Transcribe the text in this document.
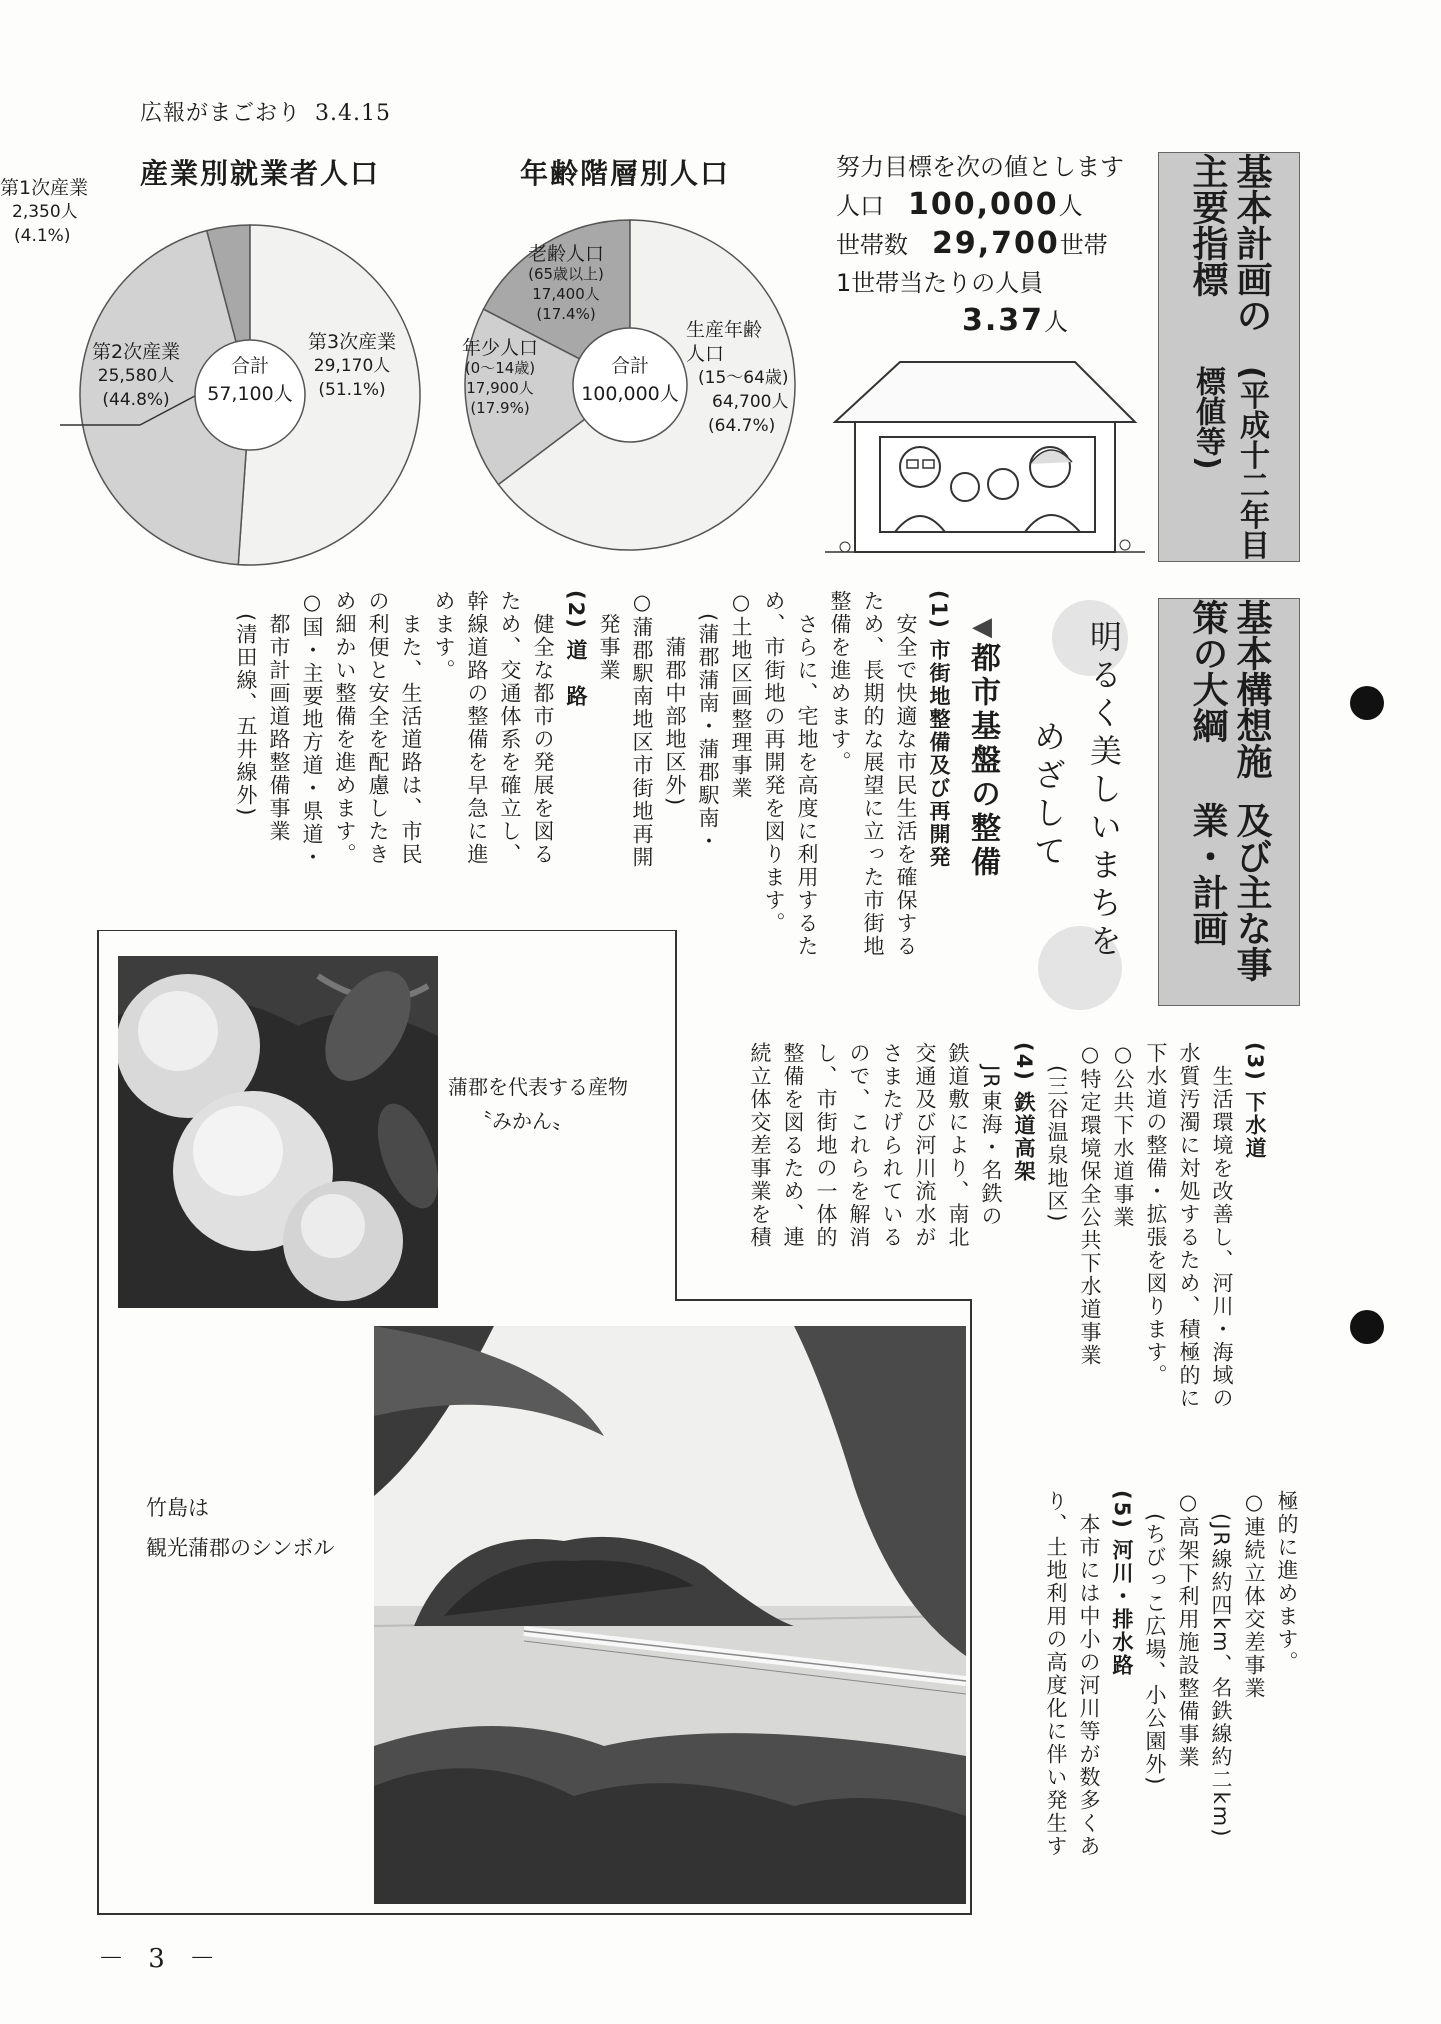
広報がまごおり 3.4.15
産業別就業者人口	年齢階層別人口
第1次産業
2,350人
(4.1%)
第2次産業
25,580人
(44.8%)
第3次産業
29,170人
(51.1%)
合計
57,100人
老齢人口
(65歳以上)
17,400人
(17.4%)
年少人口
(0～14歳)
17,900人
(17.9%)
生産年齢
人口
(15～64歳)
64,700人
(64.7%)
合計
100,000人
努力目標を次の値とします
人口　 100,000人
世帯数　 29,700世帯
1世帯当たりの人員
3.37人	基本計画の主要指標
(平成十二年目標値等)
基本構想施策の大綱
及び主な事業・計画
明るく美しいまちを めざして
◀都市基盤の整備

(1) 市街地整備及び再開発

　安全で快適な市民生活を確保する

ため、長期的な展望に立った市街地

整備を進めます。

　さらに、宅地を高度に利用するた

め、市街地の再開発を図ります。

○土地区画整理事業

　(蒲郡蒲南・蒲郡駅南・

　　蒲郡中部地区外)

○蒲郡駅南地区市街地再開

　発事業

(2) 道　路

　健全な都市の発展を図る

ため、交通体系を確立し、

幹線道路の整備を早急に進

めます。

　また、生活道路は、市民

の利便と安全を配慮したき

め細かい整備を進めます。

○国・主要地方道・県道・

　都市計画道路整備事業

　(清田線、五井線外)

(3) 下水道

　生活環境を改善し、河川・海域の

水質汚濁に対処するため、積極的に

下水道の整備・拡張を図ります。

○公共下水道事業

○特定環境保全公共下水道事業

　(三谷温泉地区)

(4) 鉄道高架

　JR東海・名鉄の

鉄道敷により、南北

交通及び河川流水が

さまたげられている

ので、これらを解消

し、市街地の一体的

整備を図るため、連

続立体交差事業を積

極的に進めます。

○連続立体交差事業

　(JR線約四km、名鉄線約二km)

○高架下利用施設整備事業

　(ちびっこ広場、小公園外)

(5) 河川・排水路

　本市には中小の河川等が数多くあ

り、土地利用の高度化に伴い発生す

蒲郡を代表する産物
〝みかん〟
竹島は
観光蒲郡のシンボル
－ 3 －
